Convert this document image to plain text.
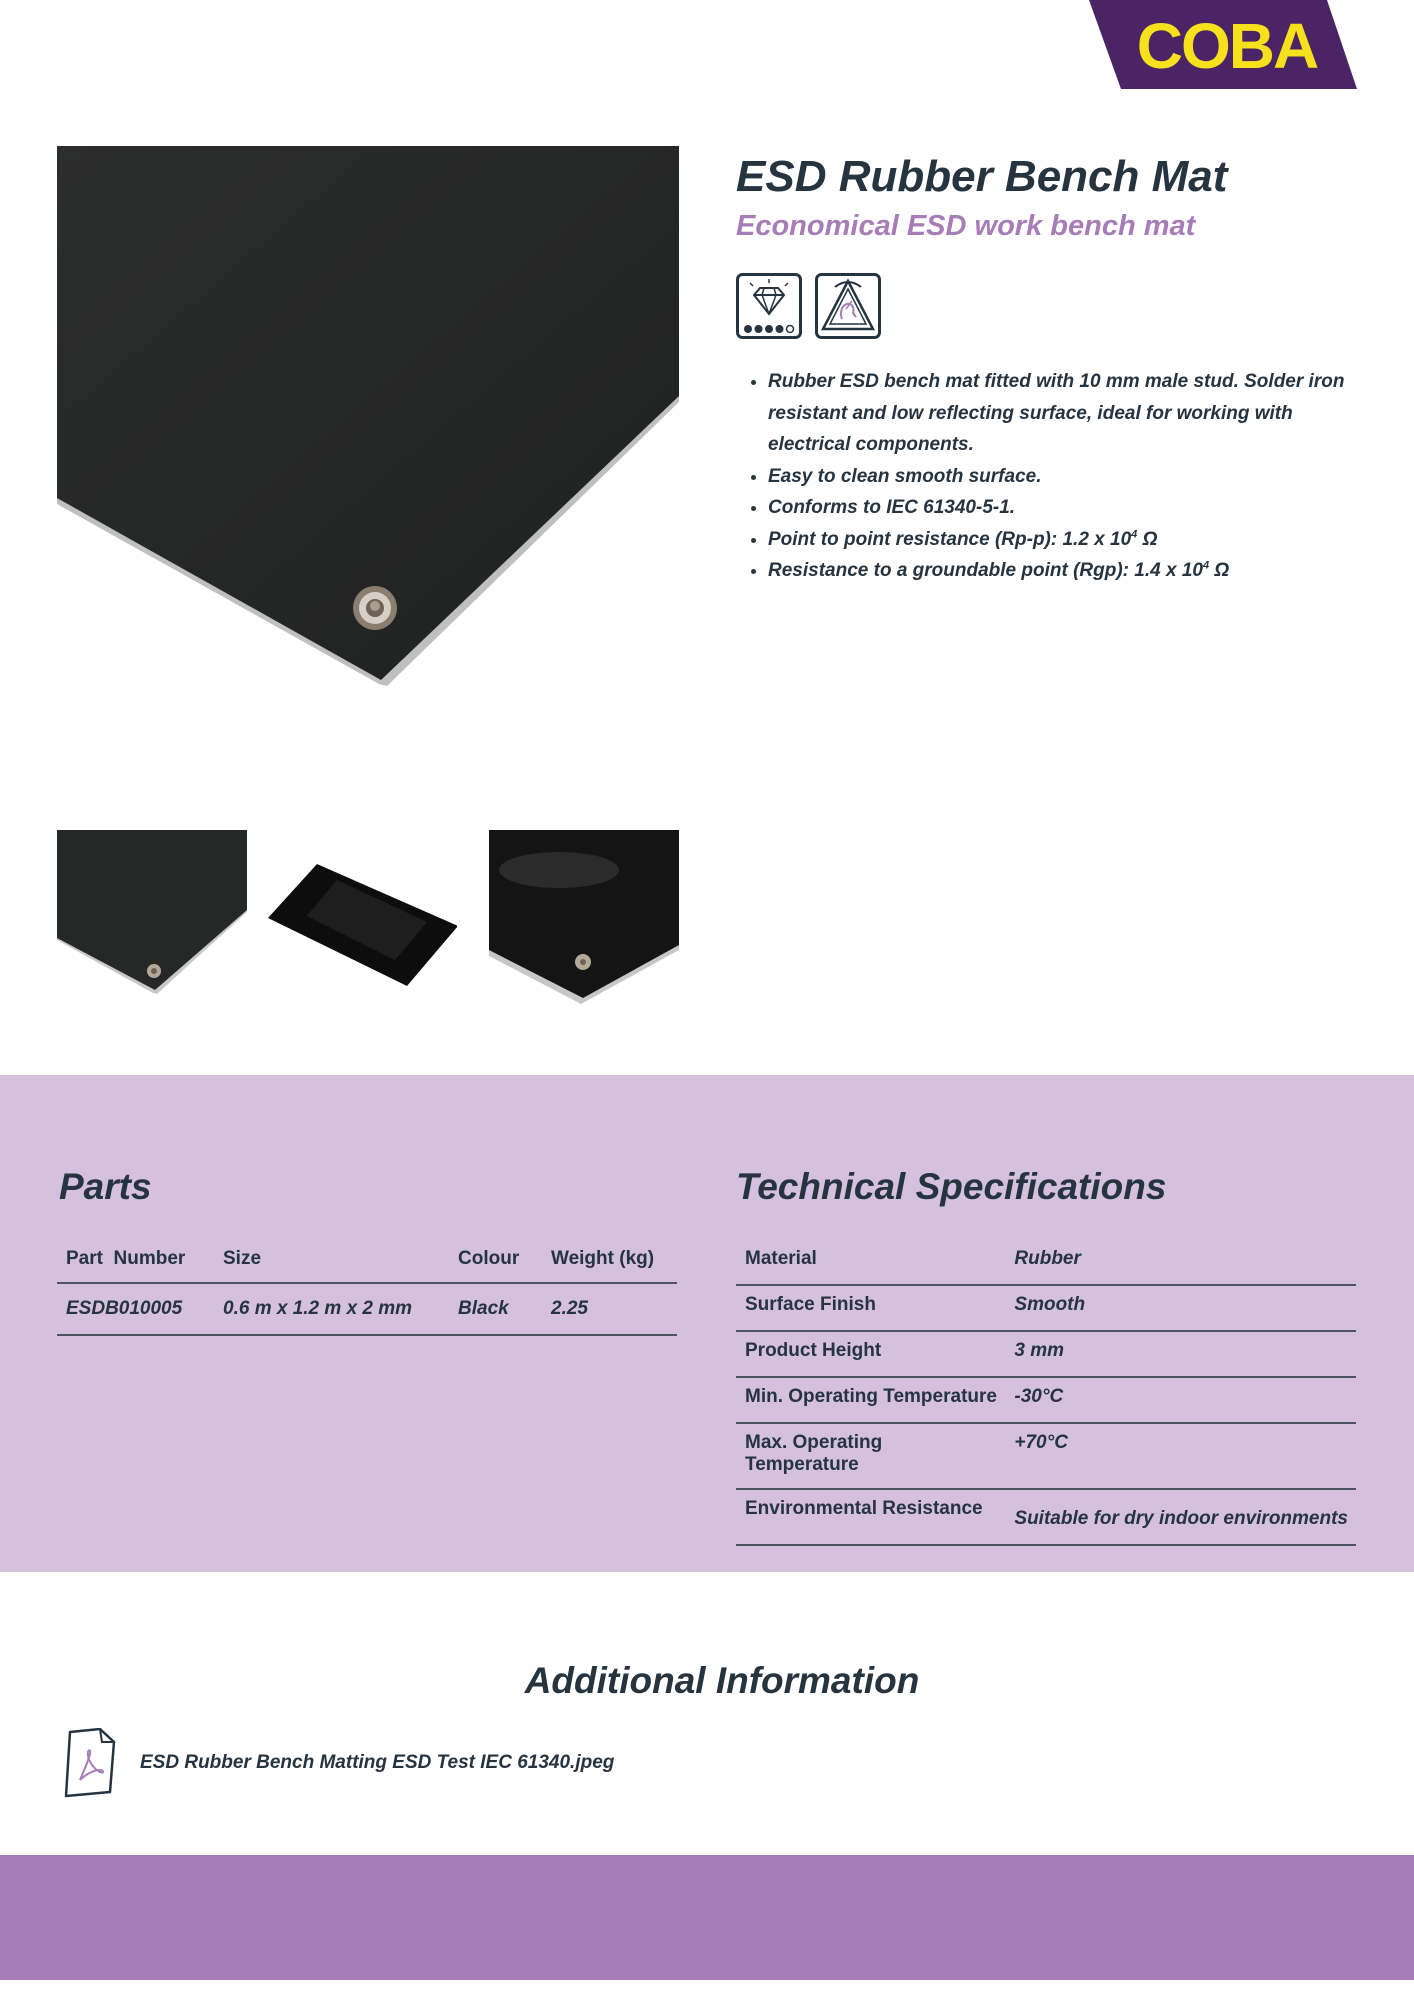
COBA
ESD Rubber Bench Mat
Economical ESD work bench mat
• Rubber ESD bench mat fitted with 10 mm male stud. Solder iron resistant and low reflecting surface, ideal for working with electrical components.
• Easy to clean smooth surface.
• Conforms to IEC 61340-5-1.
• Point to point resistance (Rp-p): 1.2 x $10^4$ Ω
• Resistance to a groundable point (Rgp): 1.4 x $10^4$ Ω
Parts	Technical Specifications
Part  Number	Size	Colour	Weight (kg)
ESDB010005	0.6 m x 1.2 m x 2 mm	Black	2.25
Material	Rubber
Surface Finish	Smooth
Product Height	3 mm
Min. Operating Temperature	-30°C
Max. Operating Temperature	+70°C
Environmental Resistance	Suitable for dry indoor environments
Additional Information
ESD Rubber Bench Matting ESD Test IEC 61340.jpeg
